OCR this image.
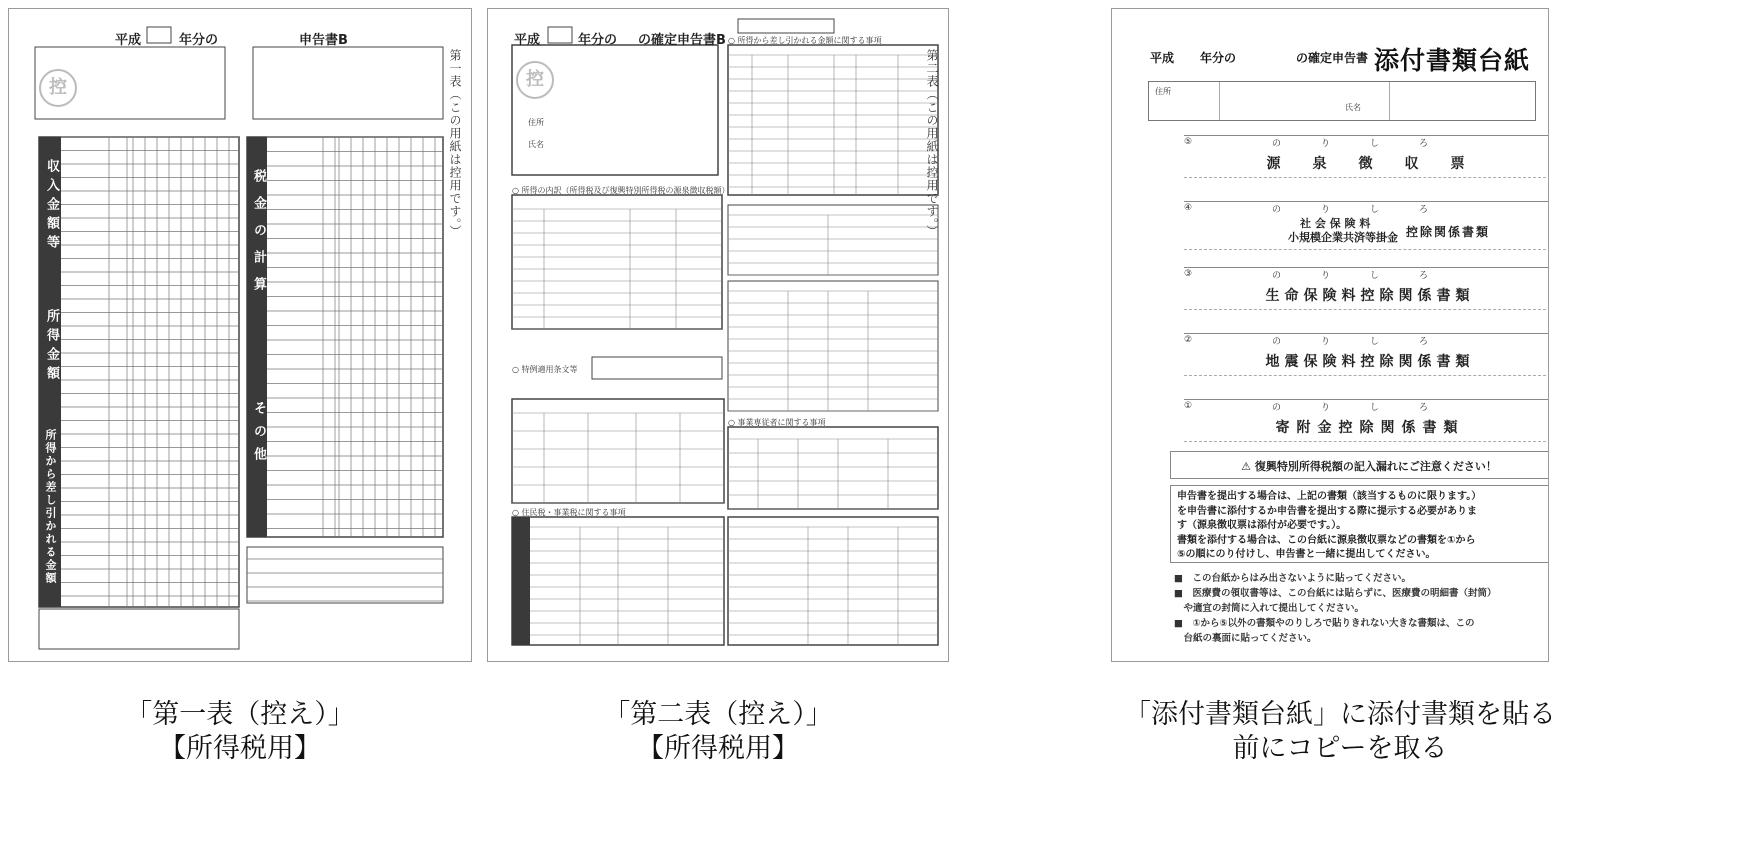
平成	年分の	申告書B
控	第一表（この用紙は控用です。）
収入金額等
所得金額
所得から差し引かれる金額
税金の計算
その他
平成	年分の の確定申告書B
控
住所
氏名	第二表（この用紙は控用です。）
○ 所得から差し引かれる金額に関する事項
○ 所得の内訳（所得税及び復興特別所得税の源泉徴収税額）
○ 特例適用条文等
○ 事業専従者に関する事項
○ 住民税・事業税に関する事項
平成 年分の	の確定申告書 添付書類台紙
住所
氏名
⑤	のりしろ
源　泉　徴　収　票
④	のりしろ
社 会 保 険 料
小規模企業共済等掛金 控除関係書類
③	のりしろ
生命保険料控除関係書類
②	のりしろ
地震保険料控除関係書類
①	のりしろ
寄附金控除関係書類
⚠ 復興特別所得税額の記入漏れにご注意ください！

申告書を提出する場合は、上記の書類（該当するものに限ります。）

を申告書に添付するか申告書を提出する際に提示する必要がありま

す（源泉徴収票は添付が必要です。）。

書類を添付する場合は、この台紙に源泉徴収票などの書類を①から

⑤の順にのり付けし、申告書と一緒に提出してください。

■　この台紙からはみ出さないように貼ってください。

■　医療費の領収書等は、この台紙には貼らずに、医療費の明細書（封筒）

　や適宜の封筒に入れて提出してください。

■　①から⑤以外の書類やのりしろで貼りきれない大きな書類は、この

　台紙の裏面に貼ってください。

「第一表（控え）」
【所得税用】
「第二表（控え）」
【所得税用】
「添付書類台紙」に添付書類を貼る
前にコピーを取る
